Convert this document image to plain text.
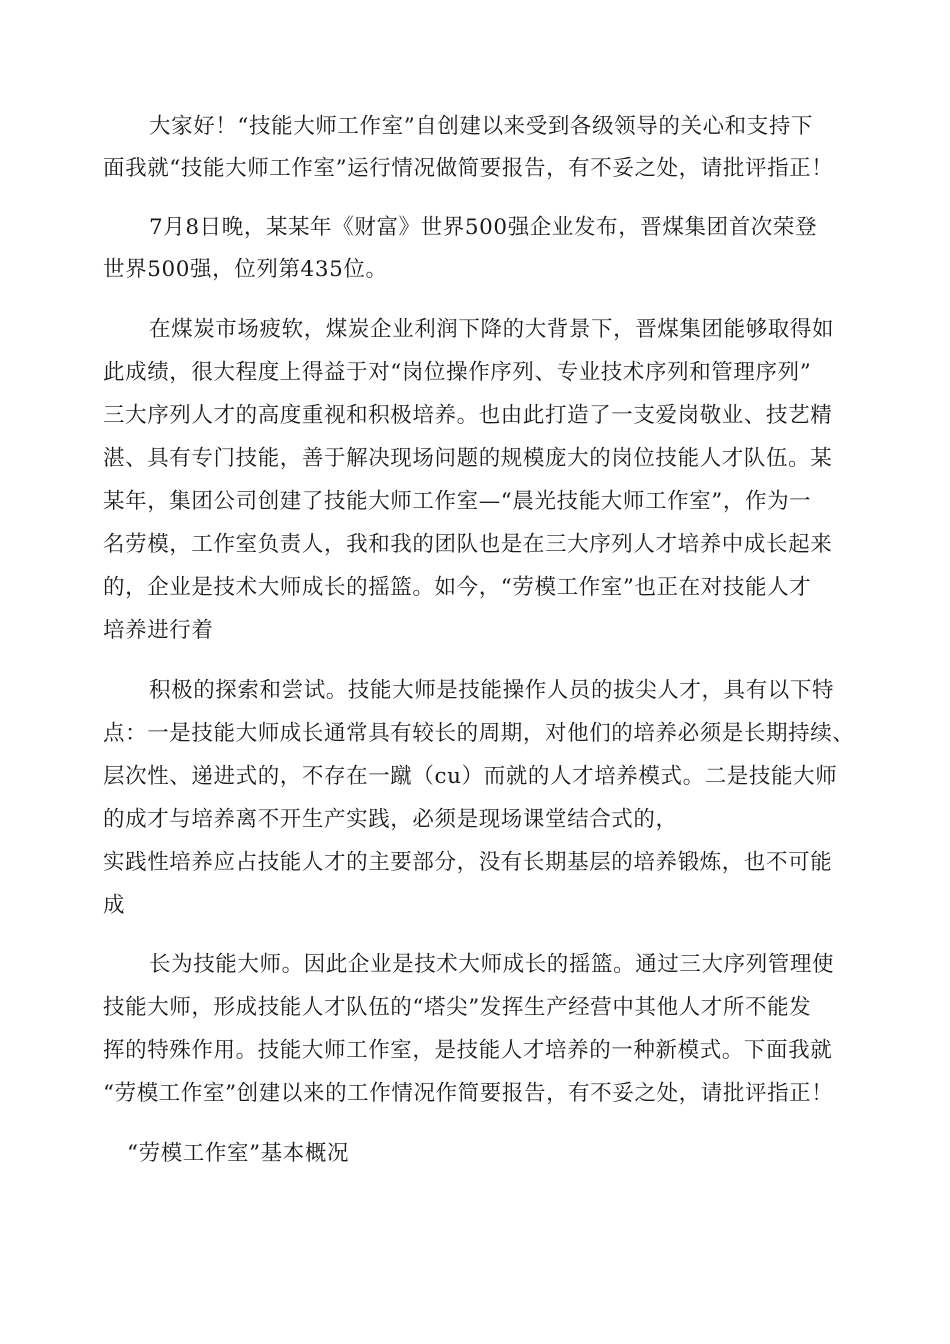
大家好！“技能大师工作室”自创建以来受到各级领导的关心和支持下
面我就“技能大师工作室”运行情况做简要报告，有不妥之处，请批评指正！
7月8日晚，某某年《财富》世界500强企业发布，晋煤集团首次荣登
世界500强，位列第435位。
在煤炭市场疲软，煤炭企业利润下降的大背景下，晋煤集团能够取得如
此成绩，很大程度上得益于对“岗位操作序列、专业技术序列和管理序列”
三大序列人才的高度重视和积极培养。也由此打造了一支爱岗敬业、技艺精
湛、具有专门技能，善于解决现场问题的规模庞大的岗位技能人才队伍。某
某年，集团公司创建了技能大师工作室—“晨光技能大师工作室”，作为一
名劳模，工作室负责人，我和我的团队也是在三大序列人才培养中成长起来
的，企业是技术大师成长的摇篮。如今，“劳模工作室”也正在对技能人才
培养进行着
积极的探索和尝试。技能大师是技能操作人员的拔尖人才，具有以下特
点：一是技能大师成长通常具有较长的周期，对他们的培养必须是长期持续、
层次性、递进式的，不存在一蹴（cu）而就的人才培养模式。二是技能大师
的成才与培养离不开生产实践，必须是现场课堂结合式的，
实践性培养应占技能人才的主要部分，没有长期基层的培养锻炼，也不可能
成
长为技能大师。因此企业是技术大师成长的摇篮。通过三大序列管理使
技能大师，形成技能人才队伍的“塔尖”发挥生产经营中其他人才所不能发
挥的特殊作用。技能大师工作室，是技能人才培养的一种新模式。下面我就
“劳模工作室”创建以来的工作情况作简要报告，有不妥之处，请批评指正！
“劳模工作室”基本概况
